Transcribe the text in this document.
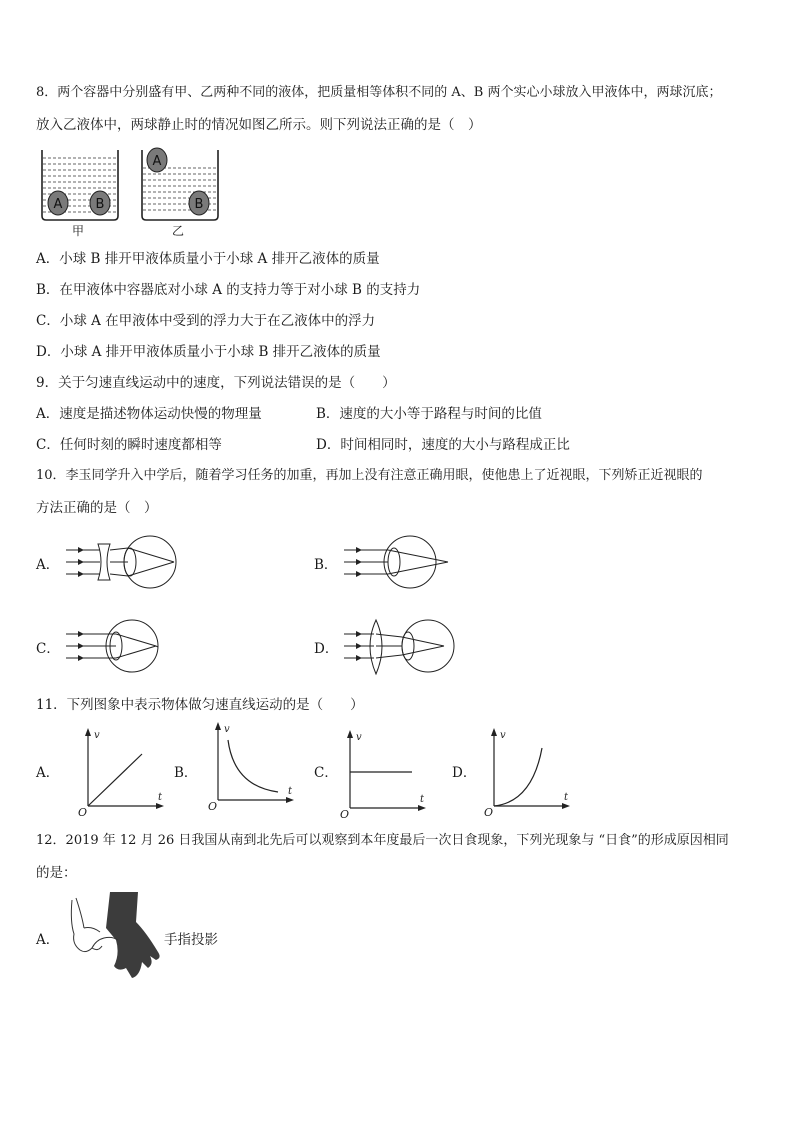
8．两个容器中分别盛有甲、乙两种不同的液体，把质量相等体积不同的 A、B 两个实心小球放入甲液体中，两球沉底；
放入乙液体中，两球静止时的情况如图乙所示。则下列说法正确的是（　）
A	B
A
B
甲	乙
A．小球 B 排开甲液体质量小于小球 A 排开乙液体的质量
B．在甲液体中容器底对小球 A 的支持力等于对小球 B 的支持力
C．小球 A 在甲液体中受到的浮力大于在乙液体中的浮力
D．小球 A 排开甲液体质量小于小球 B 排开乙液体的质量
9．关于匀速直线运动中的速度，下列说法错误的是（　　）
A．速度是描述物体运动快慢的物理量	B．速度的大小等于路程与时间的比值
C．任何时刻的瞬时速度都相等	D．时间相同时，速度的大小与路程成正比
10．李玉同学升入中学后，随着学习任务的加重，再加上没有注意正确用眼，使他患上了近视眼，下列矫正近视眼的
方法正确的是（　）
A．	B．
C．	D．
11．下列图象中表示物体做匀速直线运动的是（　　）
A．
v
t
O
B．
v
t
O
C．
v
t
O
D．
v
t
O
12．2019 年 12 月 26 日我国从南到北先后可以观察到本年度最后一次日食现象，下列光现象与 “日食”的形成原因相同
的是：
A．	手指投影
